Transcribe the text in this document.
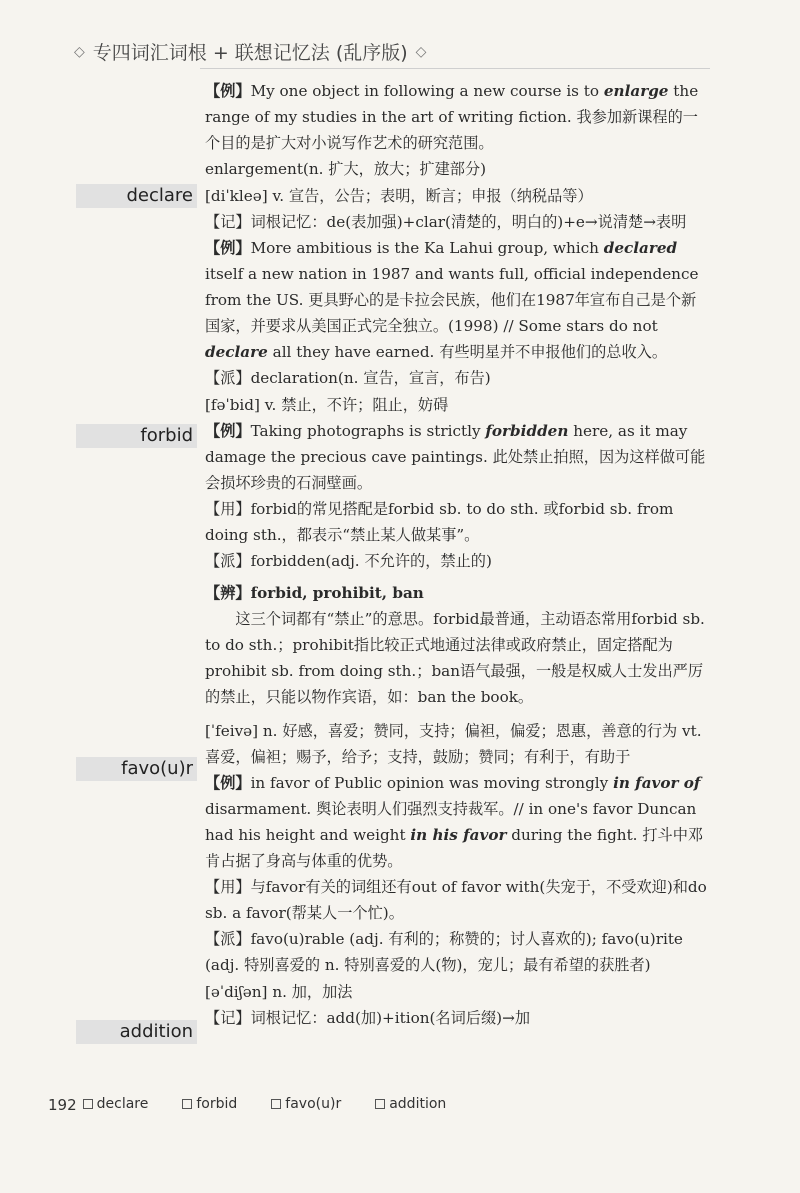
◇ 专四词汇词根 + 联想记忆法 (乱序版) ◇
declare
forbid
favo(u)r
addition

【例】My one object in following a new course is to enlarge the range of my studies in the art of writing fiction. 我参加新课程的一个目的是扩大对小说写作艺术的研究范围。

enlargement(n. 扩大，放大；扩建部分)

[diˈkleə] v. 宣告，公告；表明，断言；申报（纳税品等）

【记】词根记忆：de(表加强)+clar(清楚的，明白的)+e→说清楚→表明

【例】More ambitious is the Ka Lahui group, which declared itself a new nation in 1987 and wants full, official independence from the US. 更具野心的是卡拉会民族，他们在1987年宣布自己是个新国家，并要求从美国正式完全独立。(1998) // Some stars do not declare all they have earned. 有些明星并不申报他们的总收入。

【派】declaration(n. 宣告，宣言，布告)

[fəˈbid] v. 禁止，不许；阻止，妨碍

【例】Taking photographs is strictly forbidden here, as it may damage the precious cave paintings. 此处禁止拍照，因为这样做可能会损坏珍贵的石洞壁画。

【用】forbid的常见搭配是forbid sb. to do sth. 或forbid sb. from doing sth.，都表示“禁止某人做某事”。

【派】forbidden(adj. 不允许的，禁止的)

【辨】forbid, prohibit, ban

这三个词都有“禁止”的意思。forbid最普通，主动语态常用forbid sb. to do sth.；prohibit指比较正式地通过法律或政府禁止，固定搭配为prohibit sb. from doing sth.；ban语气最强，一般是权威人士发出严厉的禁止，只能以物作宾语，如：ban the book。

[ˈfeivə] n. 好感，喜爱；赞同，支持；偏袒，偏爱；恩惠，善意的行为 vt. 喜爱，偏袒；赐予，给予；支持，鼓励；赞同；有利于，有助于

【例】in favor of Public opinion was moving strongly in favor of disarmament. 舆论表明人们强烈支持裁军。// in one's favor Duncan had his height and weight in his favor during the fight. 打斗中邓肯占据了身高与体重的优势。

【用】与favor有关的词组还有out of favor with(失宠于，不受欢迎)和do sb. a favor(帮某人一个忙)。

【派】favo(u)rable (adj. 有利的；称赞的；讨人喜欢的); favo(u)rite (adj. 特别喜爱的 n. 特别喜爱的人(物)，宠儿；最有希望的获胜者)

[əˈdiʃən] n. 加，加法

【记】词根记忆：add(加)+ition(名词后缀)→加

192	declare	forbid	favo(u)r	addition
